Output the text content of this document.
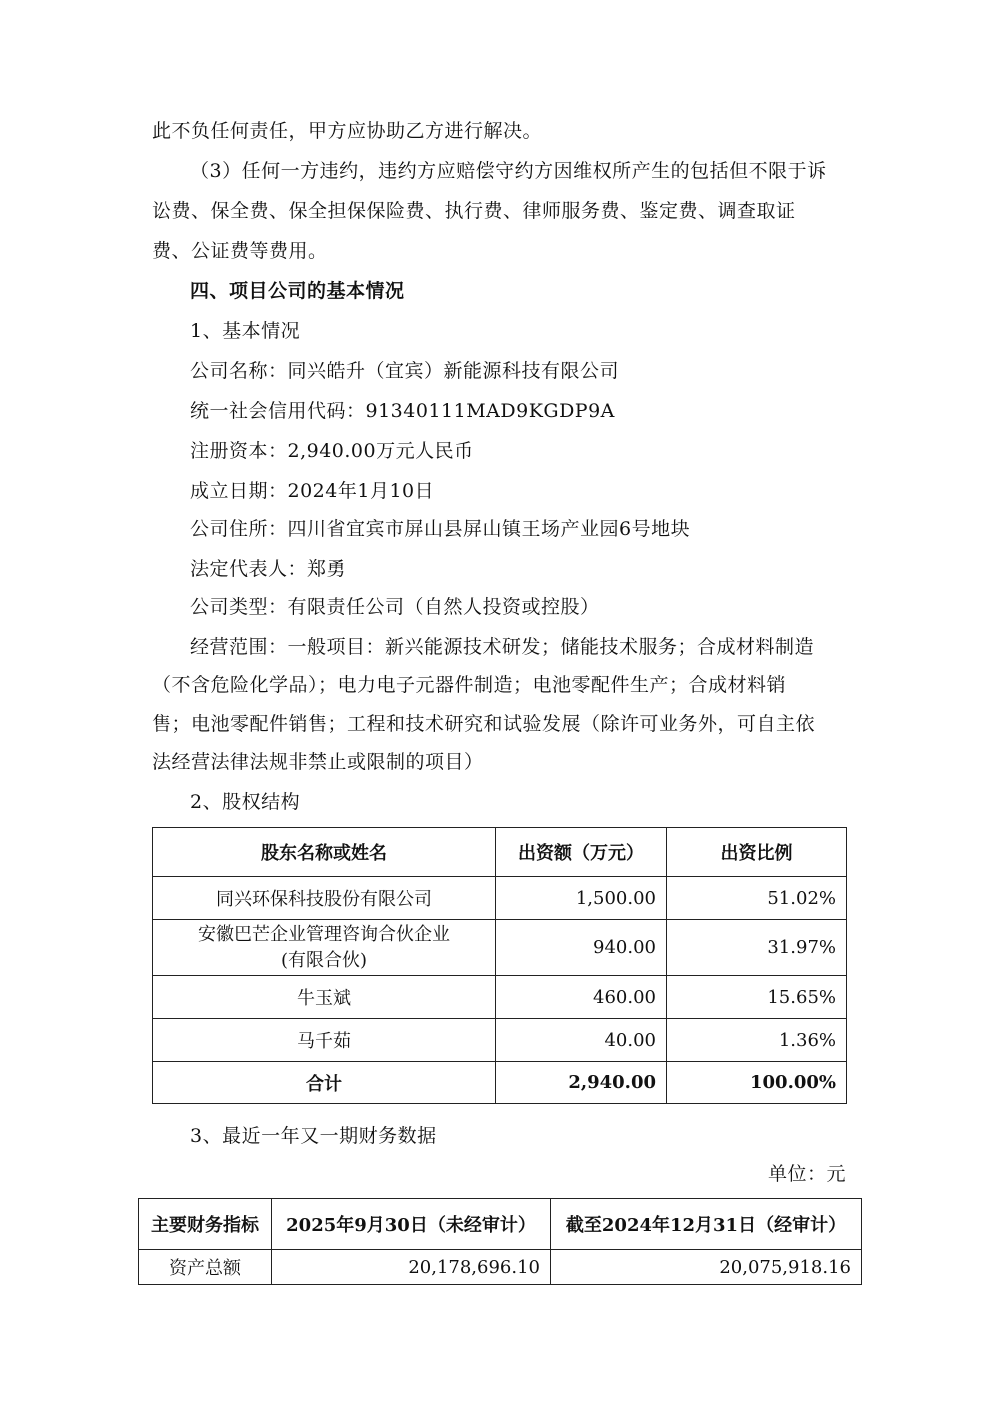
此不负任何责任，甲方应协助乙方进行解决。
（3）任何一方违约，违约方应赔偿守约方因维权所产生的包括但不限于诉
讼费、保全费、保全担保保险费、执行费、律师服务费、鉴定费、调查取证
费、公证费等费用。
四、项目公司的基本情况
1、基本情况
公司名称：同兴皓升（宜宾）新能源科技有限公司
统一社会信用代码：91340111MAD9KGDP9A
注册资本：2,940.00万元人民币
成立日期：2024年1月10日
公司住所：四川省宜宾市屏山县屏山镇王场产业园6号地块
法定代表人：郑勇
公司类型：有限责任公司（自然人投资或控股）
经营范围：一般项目：新兴能源技术研发；储能技术服务；合成材料制造
（不含危险化学品）；电力电子元器件制造；电池零配件生产；合成材料销
售；电池零配件销售；工程和技术研究和试验发展（除许可业务外，可自主依
法经营法律法规非禁止或限制的项目）
2、股权结构
股东名称或姓名	出资额（万元）	出资比例
同兴环保科技股份有限公司	1,500.00	51.02%

安徽巴芒企业管理咨询合伙企业
(有限合伙)	940.00	31.97%
牛玉斌	460.00	15.65%
马千茹	40.00	1.36%
合计	2,940.00	100.00%
3、最近一年又一期财务数据
单位：元
主要财务指标	2025年9月30日（未经审计）	截至2024年12月31日（经审计）
资产总额	20,178,696.10	20,075,918.16
